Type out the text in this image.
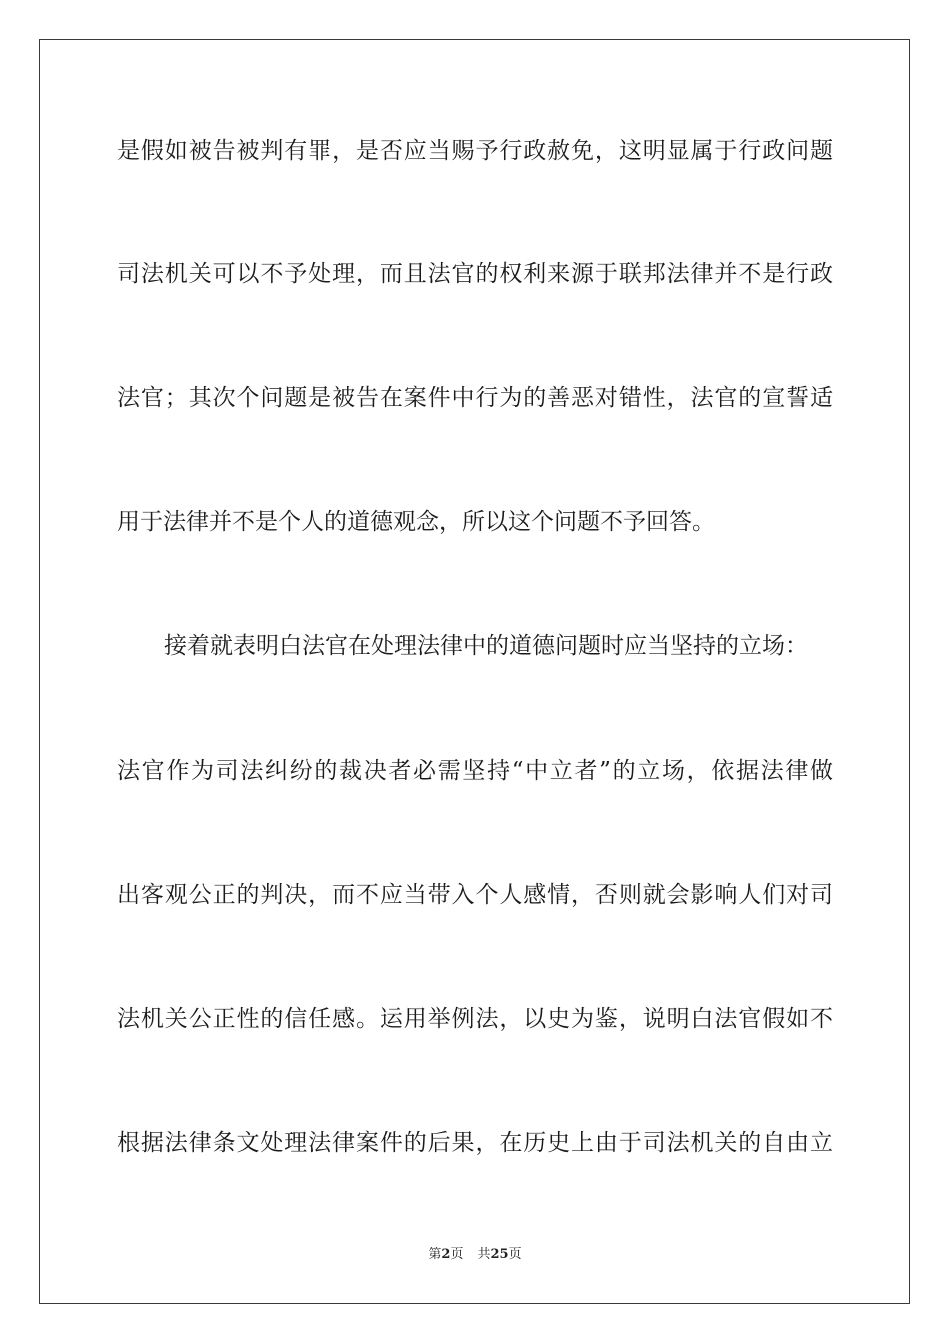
是假如被告被判有罪，是否应当赐予行政赦免，这明显属于行政问题
司法机关可以不予处理，而且法官的权利来源于联邦法律并不是行政
法官；其次个问题是被告在案件中行为的善恶对错性，法官的宣誓适
用于法律并不是个人的道德观念，所以这个问题不予回答。
接着就表明白法官在处理法律中的道德问题时应当坚持的立场：
法官作为司法纠纷的裁决者必需坚持“中立者”的立场，依据法律做
出客观公正的判决，而不应当带入个人感情，否则就会影响人们对司
法机关公正性的信任感。运用举例法，以史为鉴，说明白法官假如不
根据法律条文处理法律案件的后果，在历史上由于司法机关的自由立
第2页 共25页
